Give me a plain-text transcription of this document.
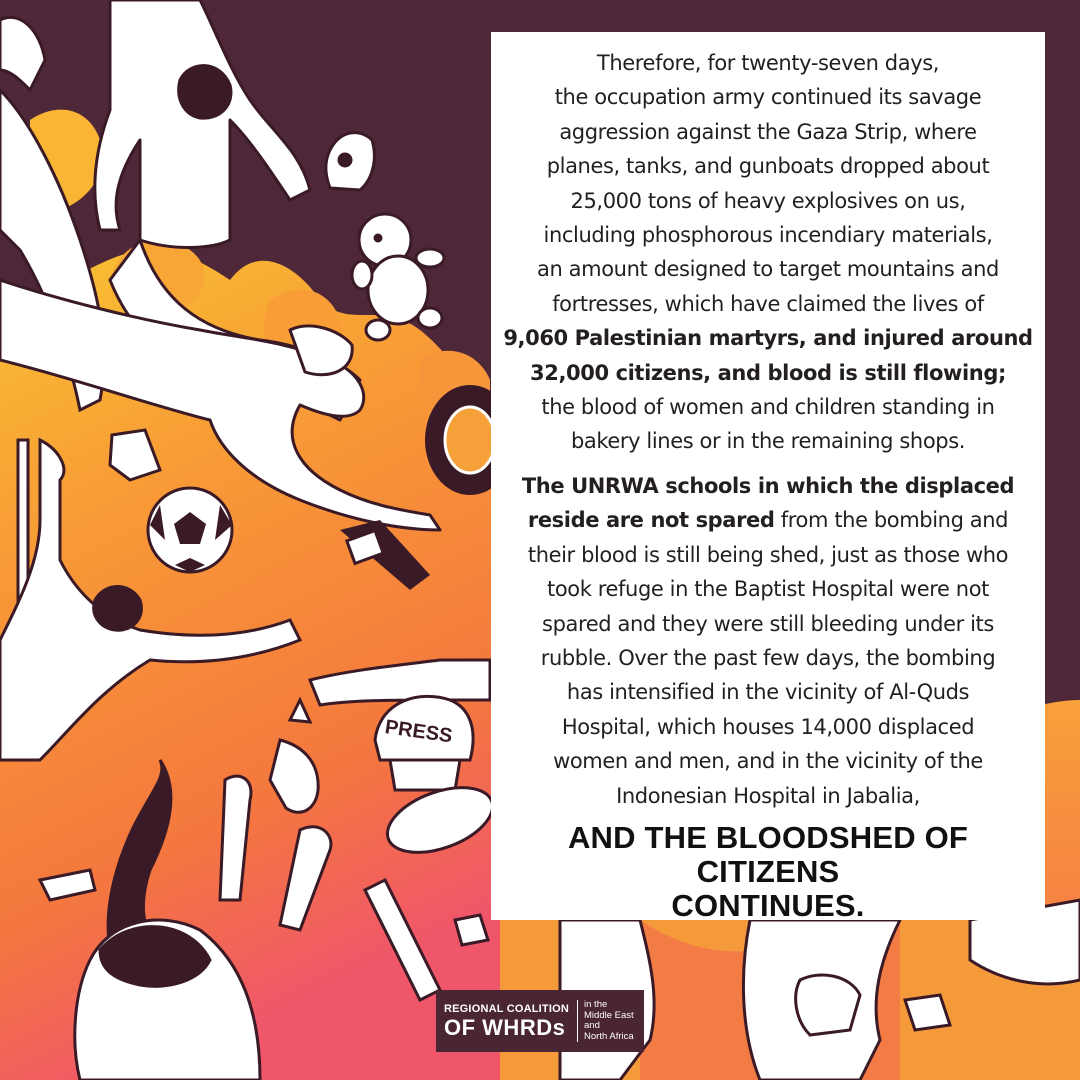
PRESS

Therefore, for twenty-seven days,
the occupation army continued its savage
aggression against the Gaza Strip, where
planes, tanks, and gunboats dropped about
25,000 tons of heavy explosives on us,
including phosphorous incendiary materials,
an amount designed to target mountains and
fortresses, which have claimed the lives of
9,060 Palestinian martyrs, and injured around
32,000 citizens, and blood is still flowing;
the blood of women and children standing in
bakery lines or in the remaining shops.

The UNRWA schools in which the displaced
reside are not spared from the bombing and
their blood is still being shed, just as those who
took refuge in the Baptist Hospital were not
spared and they were still bleeding under its
rubble. Over the past few days, the bombing
has intensified in the vicinity of Al-Quds
Hospital, which houses 14,000 displaced
women and men, and in the vicinity of the
Indonesian Hospital in Jabalia,

AND THE BLOODSHED OF CITIZENS
CONTINUES.
REGIONAL COALITION
OF WHRDs
in the
Middle East
and
North Africa
